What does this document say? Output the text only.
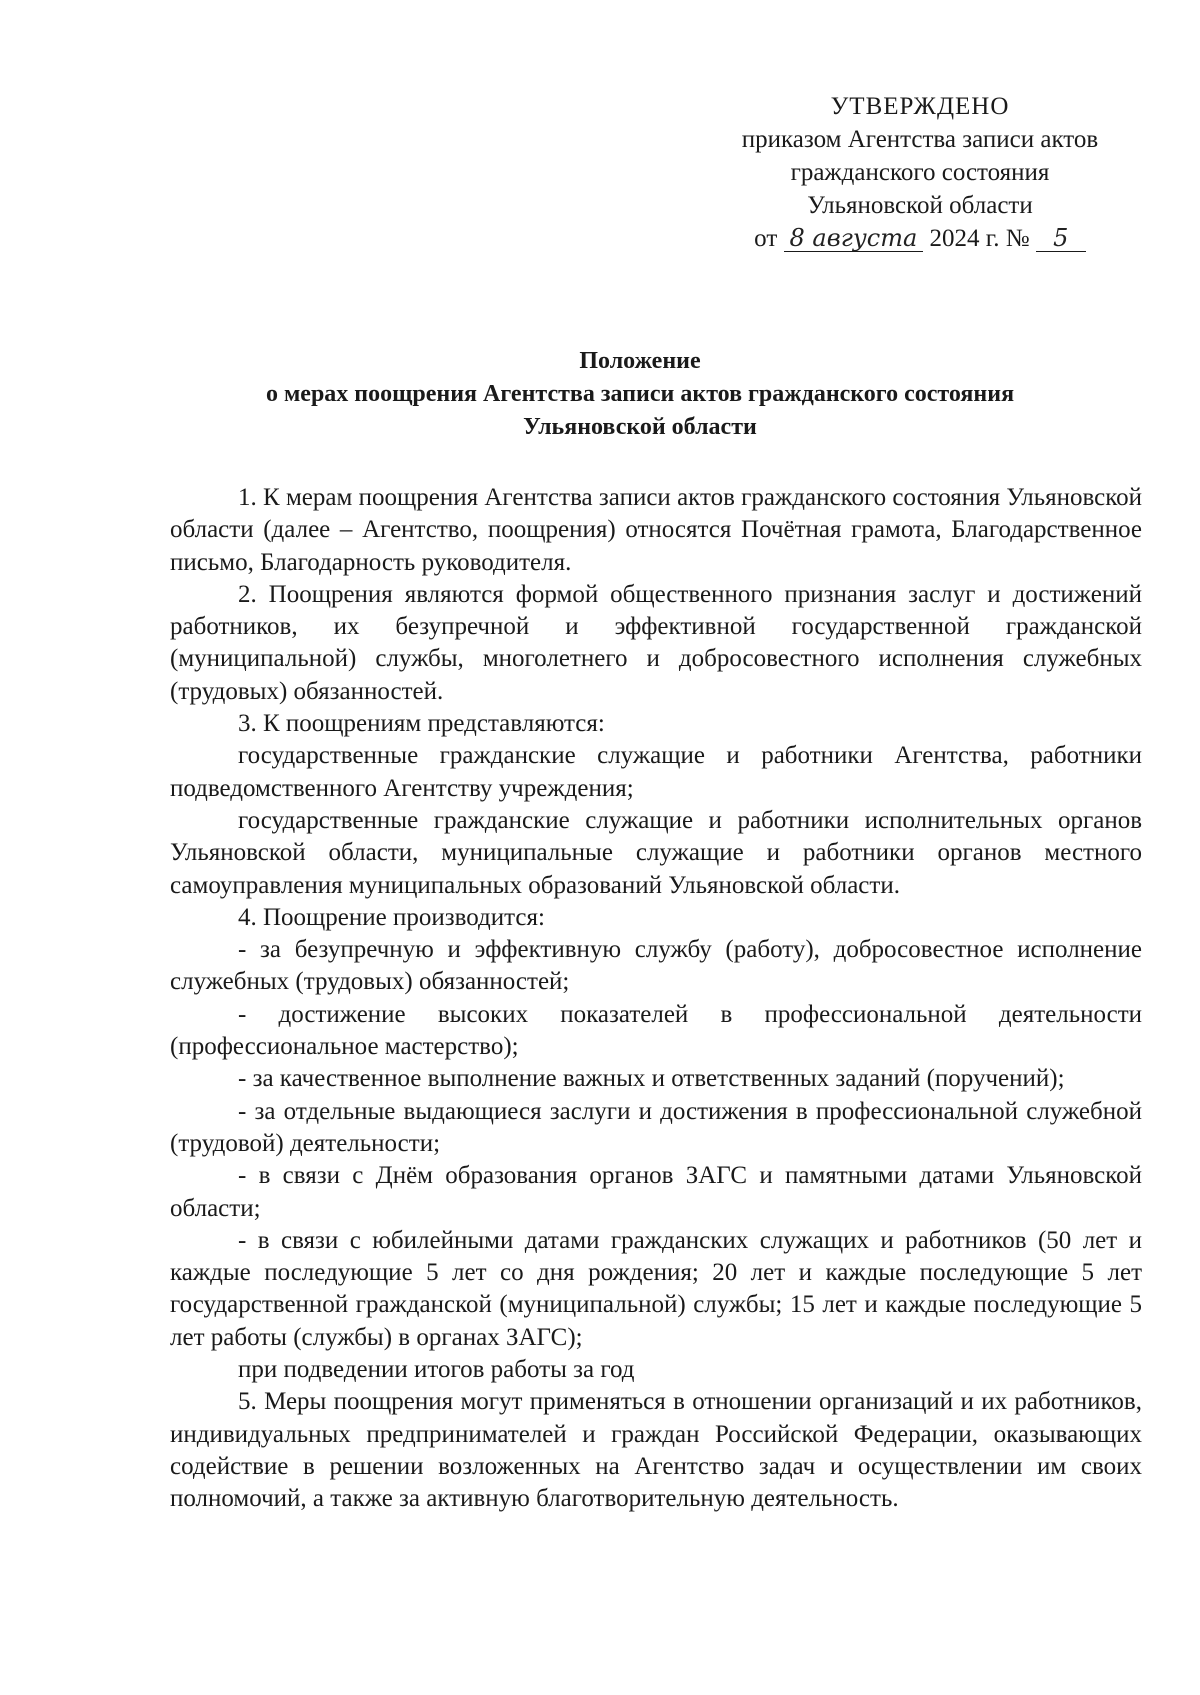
УТВЕРЖДЕНО
приказом Агентства записи актов
гражданского состояния
Ульяновской области
от 8 августа 2024 г. № 5
Положение
о мерах поощрения Агентства записи актов гражданского состояния
Ульяновской области

1. К мерам поощрения Агентства записи актов гражданского состояния Ульяновской области (далее – Агентство, поощрения) относятся Почётная грамота, Благодарственное письмо, Благодарность руководителя.

2. Поощрения являются формой общественного признания заслуг и достижений работников, их безупречной и эффективной государственной гражданской (муниципальной) службы, многолетнего и добросовестного исполнения служебных (трудовых) обязанностей.

3. К поощрениям представляются:

государственные гражданские служащие и работники Агентства, работники подведомственного Агентству учреждения;

государственные гражданские служащие и работники исполнительных органов Ульяновской области, муниципальные служащие и работники органов местного самоуправления муниципальных образований Ульяновской области.

4. Поощрение производится:

- за безупречную и эффективную службу (работу), добросовестное исполнение служебных (трудовых) обязанностей;

- достижение высоких показателей в профессиональной деятельности (профессиональное мастерство);

- за качественное выполнение важных и ответственных заданий (поручений);

- за отдельные выдающиеся заслуги и достижения в профессиональной служебной (трудовой) деятельности;

- в связи с Днём образования органов ЗАГС и памятными датами Ульяновской области;

- в связи с юбилейными датами гражданских служащих и работников (50 лет и каждые последующие 5 лет со дня рождения; 20 лет и каждые последующие 5 лет государственной гражданской (муниципальной) службы; 15 лет и каждые последующие 5 лет работы (службы) в органах ЗАГС);

при подведении итогов работы за год

5. Меры поощрения могут применяться в отношении организаций и их работников, индивидуальных предпринимателей и граждан Российской Федерации, оказывающих содействие в решении возложенных на Агентство задач и осуществлении им своих полномочий, а также за активную благотворительную деятельность.
